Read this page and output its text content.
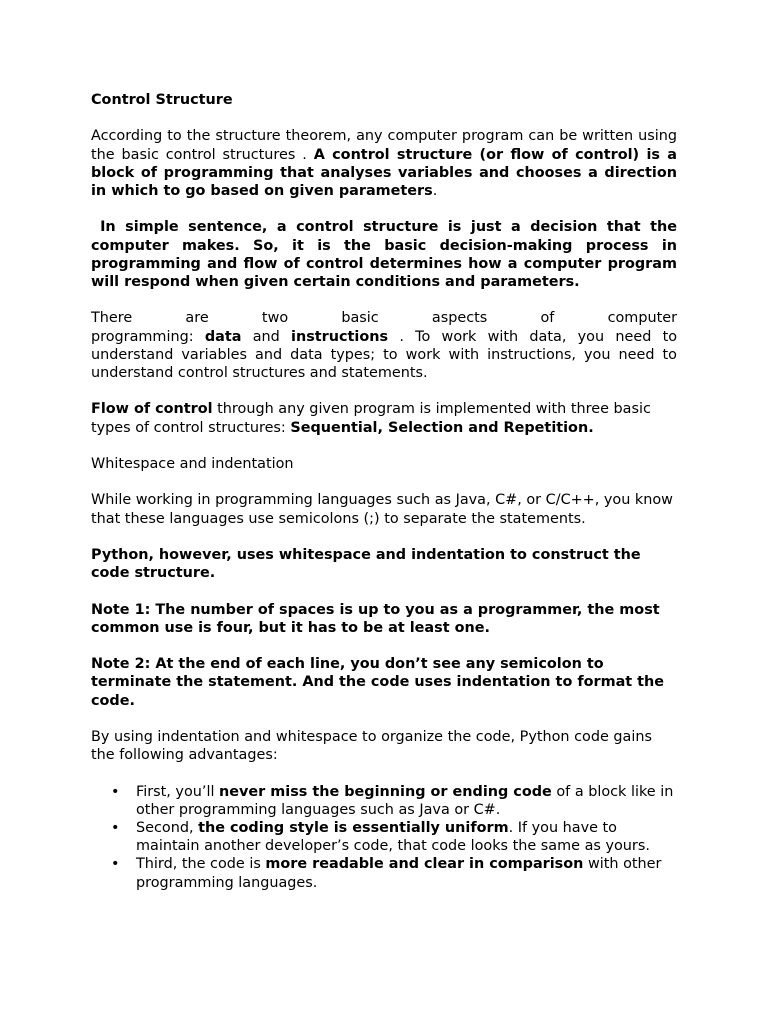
Control Structure

According to the structure theorem, any computer program can be written using the basic control structures . A control structure (or flow of control) is a block of programming that analyses variables and chooses a direction in which to go based on given parameters.

In simple sentence, a control structure is just a decision that the computer makes. So, it is the basic decision-making process in programming and flow of control determines how a computer program will respond when given certain conditions and parameters.

There are two basic aspects of computer
programming: data and instructions . To work with data, you need to understand variables and data types; to work with instructions, you need to understand control structures and statements.

Flow of control through any given program is implemented with three basic types of control structures: Sequential, Selection and Repetition.

Whitespace and indentation

While working in programming languages such as Java, C#, or C/C++, you know that these languages use semicolons (;) to separate the statements.

Python, however, uses whitespace and indentation to construct the code structure.

Note 1: The number of spaces is up to you as a programmer, the most common use is four, but it has to be at least one.

Note 2: At the end of each line, you don’t see any semicolon to terminate the statement. And the code uses indentation to format the code.

By using indentation and whitespace to organize the code, Python code gains the following advantages:

• First, you’ll never miss the beginning or ending code of a block like in other programming languages such as Java or C#.
• Second, the coding style is essentially uniform. If you have to maintain another developer’s code, that code looks the same as yours.
• Third, the code is more readable and clear in comparison with other programming languages.
